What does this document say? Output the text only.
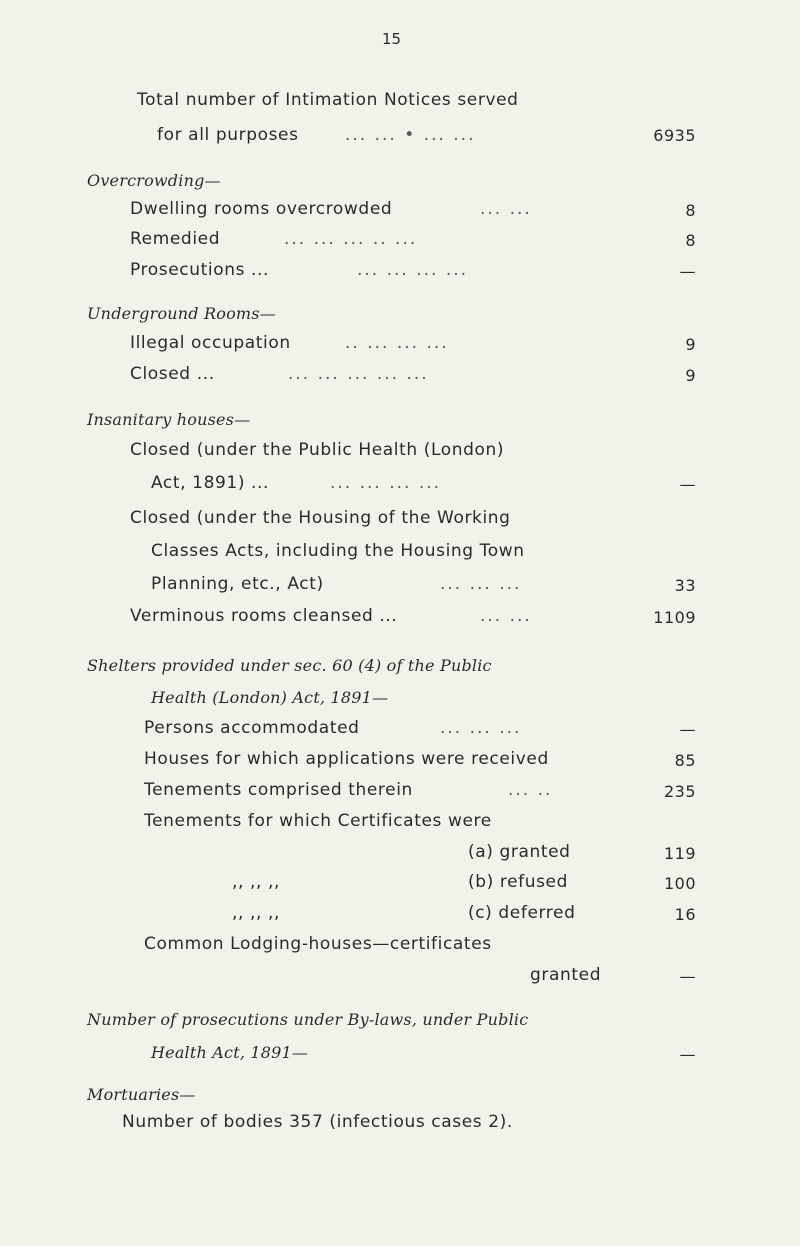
15
Total number of Intimation Notices served
for all purposes	... ... • ... ...	6935
Overcrowding—
Dwelling rooms overcrowded	... ...	8
Remedied	... ... ... .. ...	8
Prosecutions ...	... ... ... ...	—
Underground Rooms—
Illegal occupation	.. ... ... ...	9
Closed ...	... ... ... ... ...	9
Insanitary houses—
Closed (under the Public Health (London)
Act, 1891) ...	... ... ... ...	—
Closed (under the Housing of the Working
Classes Acts, including the Housing Town
Planning, etc., Act)	... ... ...	33
Verminous rooms cleansed ...	... ...	1109
Shelters provided under sec. 60 (4) of the Public
Health (London) Act, 1891—
Persons accommodated	... ... ...	—
Houses for which applications were received	85
Tenements comprised therein	... ..	235
Tenements for which Certificates were
(a) granted	119
,, ,, ,,	(b) refused	100
,, ,, ,,	(c) deferred	16
Common Lodging-houses—certificates
granted	—
Number of prosecutions under By-laws, under Public
Health Act, 1891—	—
Mortuaries—
Number of bodies 357 (infectious cases 2).
